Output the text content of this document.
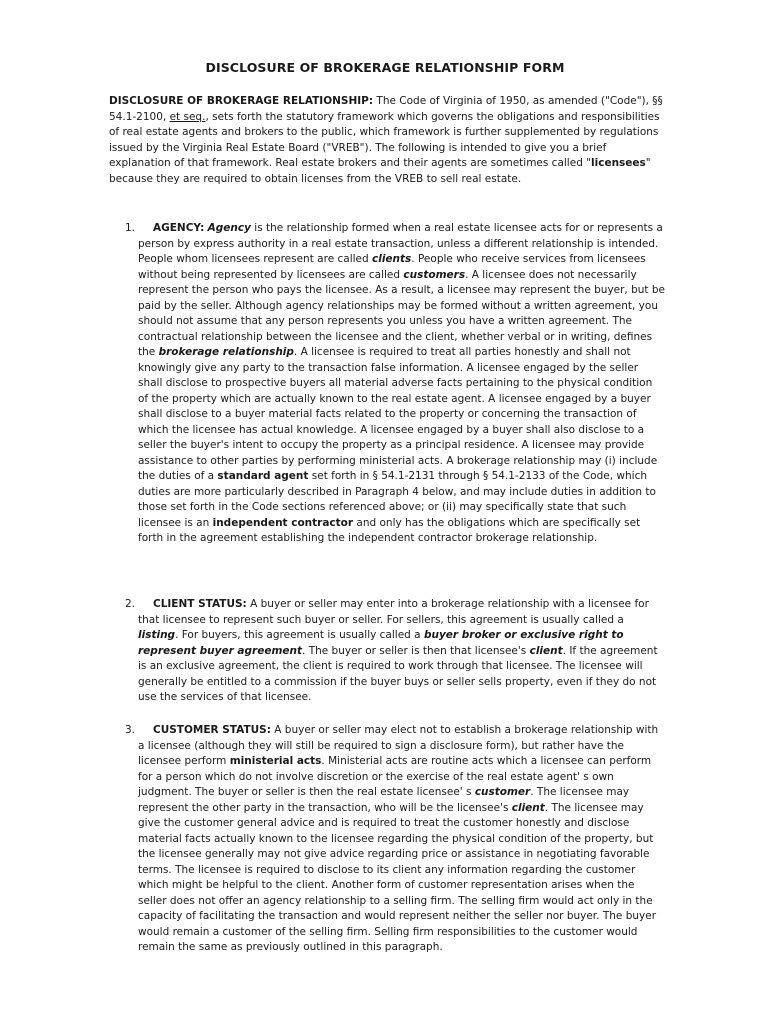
DISCLOSURE OF BROKERAGE RELATIONSHIP FORM

DISCLOSURE OF BROKERAGE RELATIONSHIP: The Code of Virginia of 1950, as amended ("Code"), §§ 54.1-2100, et seq., sets forth the statutory framework which governs the obligations and responsibilities of real estate agents and brokers to the public, which framework is further supplemented by regulations issued by the Virginia Real Estate Board ("VREB"). The following is intended to give you a brief explanation of that framework. Real estate brokers and their agents are sometimes called "licensees" because they are required to obtain licenses from the VREB to sell real estate.

1.	AGENCY: Agency is the relationship formed when a real estate licensee acts for or represents a person by express authority in a real estate transaction, unless a different relationship is intended. People whom licensees represent are called clients. People who receive services from licensees without being represented by licensees are called customers. A licensee does not necessarily represent the person who pays the licensee. As a result, a licensee may represent the buyer, but be paid by the seller. Although agency relationships may be formed without a written agreement, you should not assume that any person represents you unless you have a written agreement. The contractual relationship between the licensee and the client, whether verbal or in writing, defines the brokerage relationship. A licensee is required to treat all parties honestly and shall not knowingly give any party to the transaction false information. A licensee engaged by the seller shall disclose to prospective buyers all material adverse facts pertaining to the physical condition of the property which are actually known to the real estate agent. A licensee engaged by a buyer shall disclose to a buyer material facts related to the property or concerning the transaction of which the licensee has actual knowledge. A licensee engaged by a buyer shall also disclose to a seller the buyer's intent to occupy the property as a principal residence. A licensee may provide assistance to other parties by performing ministerial acts. A brokerage relationship may (i) include the duties of a standard agent set forth in § 54.1-2131 through § 54.1-2133 of the Code, which duties are more particularly described in Paragraph 4 below, and may include duties in addition to those set forth in the Code sections referenced above; or (ii) may specifically state that such licensee is an independent contractor and only has the obligations which are specifically set forth in the agreement establishing the independent contractor brokerage relationship.
2.	CLIENT STATUS: A buyer or seller may enter into a brokerage relationship with a licensee for that licensee to represent such buyer or seller. For sellers, this agreement is usually called a listing. For buyers, this agreement is usually called a buyer broker or exclusive right to represent buyer agreement. The buyer or seller is then that licensee's client. If the agreement is an exclusive agreement, the client is required to work through that licensee. The licensee will generally be entitled to a commission if the buyer buys or seller sells property, even if they do not use the services of that licensee.
3.	CUSTOMER STATUS: A buyer or seller may elect not to establish a brokerage relationship with a licensee (although they will still be required to sign a disclosure form), but rather have the licensee perform ministerial acts. Ministerial acts are routine acts which a licensee can perform for a person which do not involve discretion or the exercise of the real estate agent' s own judgment. The buyer or seller is then the real estate licensee' s customer. The licensee may represent the other party in the transaction, who will be the licensee's client. The licensee may give the customer general advice and is required to treat the customer honestly and disclose material facts actually known to the licensee regarding the physical condition of the property, but the licensee generally may not give advice regarding price or assistance in negotiating favorable terms. The licensee is required to disclose to its client any information regarding the customer which might be helpful to the client. Another form of customer representation arises when the seller does not offer an agency relationship to a selling firm. The selling firm would act only in the capacity of facilitating the transaction and would represent neither the seller nor buyer. The buyer would remain a customer of the selling firm. Selling firm responsibilities to the customer would remain the same as previously outlined in this paragraph.
